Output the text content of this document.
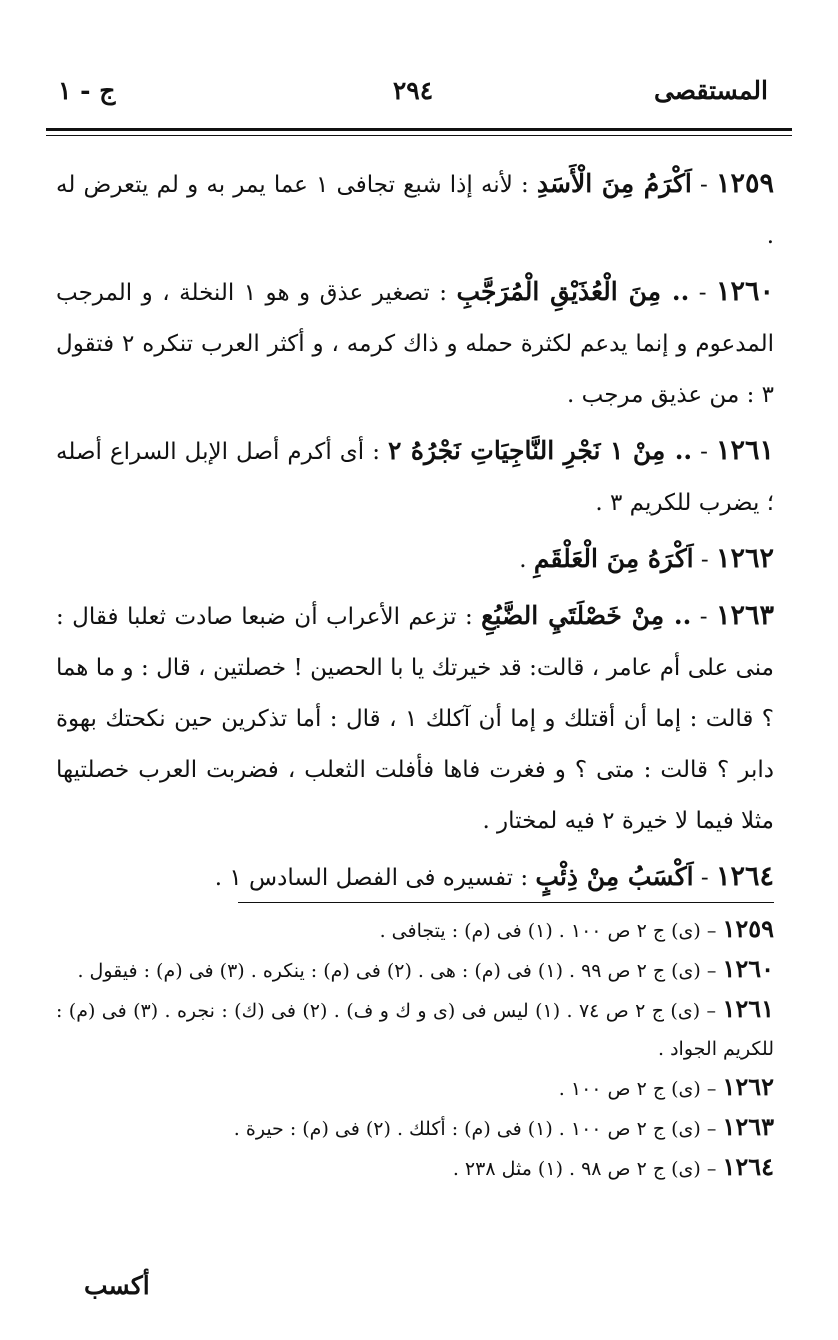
المستقصى
٢٩٤
ج - ١

١٢٥٩ - اَكْرَمُ مِنَ الْأَسَدِ : لأنه إذا شبع تجافى ١ عما يمر به و لم يتعرض له .

١٢٦٠ - .. مِنَ الْعُذَيْقِ الْمُرَجَّبِ : تصغير عذق و هو ١ النخلة ، و المرجب المدعوم و إنما يدعم لكثرة حمله و ذاك كرمه ، و أكثر العرب تنكره ٢ فتقول ٣ : من عذيق مرجب .

١٢٦١ - .. مِنْ ١ نَجْرِ النَّاجِيَاتِ نَجْرُهُ ٢ : أى أكرم أصل الإبل السراع أصله ؛ يضرب للكريم ٣ .

١٢٦٢ - اَكْرَهُ مِنَ الْعَلْقَمِ .

١٢٦٣ - .. مِنْ خَصْلَتَيِ الضَّبُعِ : تزعم الأعراب أن ضبعا صادت ثعلبا فقال : منى على أم عامر ، قالت: قد خيرتك يا با الحصين ! خصلتين ، قال : و ما هما ؟ قالت : إما أن أقتلك و إما أن آكلك ١ ، قال : أما تذكرين حين نكحتك بهوة دابر ؟ قالت : متى ؟ و فغرت فاها فأفلت الثعلب ، فضربت العرب خصلتيها مثلا فيما لا خيرة ٢ فيه لمختار .

١٢٦٤ - اَكْسَبُ مِنْ ذِئْبٍ : تفسيره فى الفصل السادس ١ .

١٢٥٩ – (ى) ج ٢ ص ١٠٠ . (١) فى (م) : يتجافى .

١٢٦٠ – (ى) ج ٢ ص ٩٩ . (١) فى (م) : هى . (٢) فى (م) : ينكره . (٣) فى (م) : فيقول .

١٢٦١ – (ى) ج ٢ ص ٧٤ . (١) ليس فى (ى و ك و ف) . (٢) فى (ك) : نجره . (٣) فى (م) : للكريم الجواد .

١٢٦٢ – (ى) ج ٢ ص ١٠٠ .

١٢٦٣ – (ى) ج ٢ ص ١٠٠ . (١) فى (م) : أكلك . (٢) فى (م) : حيرة .

١٢٦٤ – (ى) ج ٢ ص ٩٨ . (١) مثل ٢٣٨ .

أكسب
